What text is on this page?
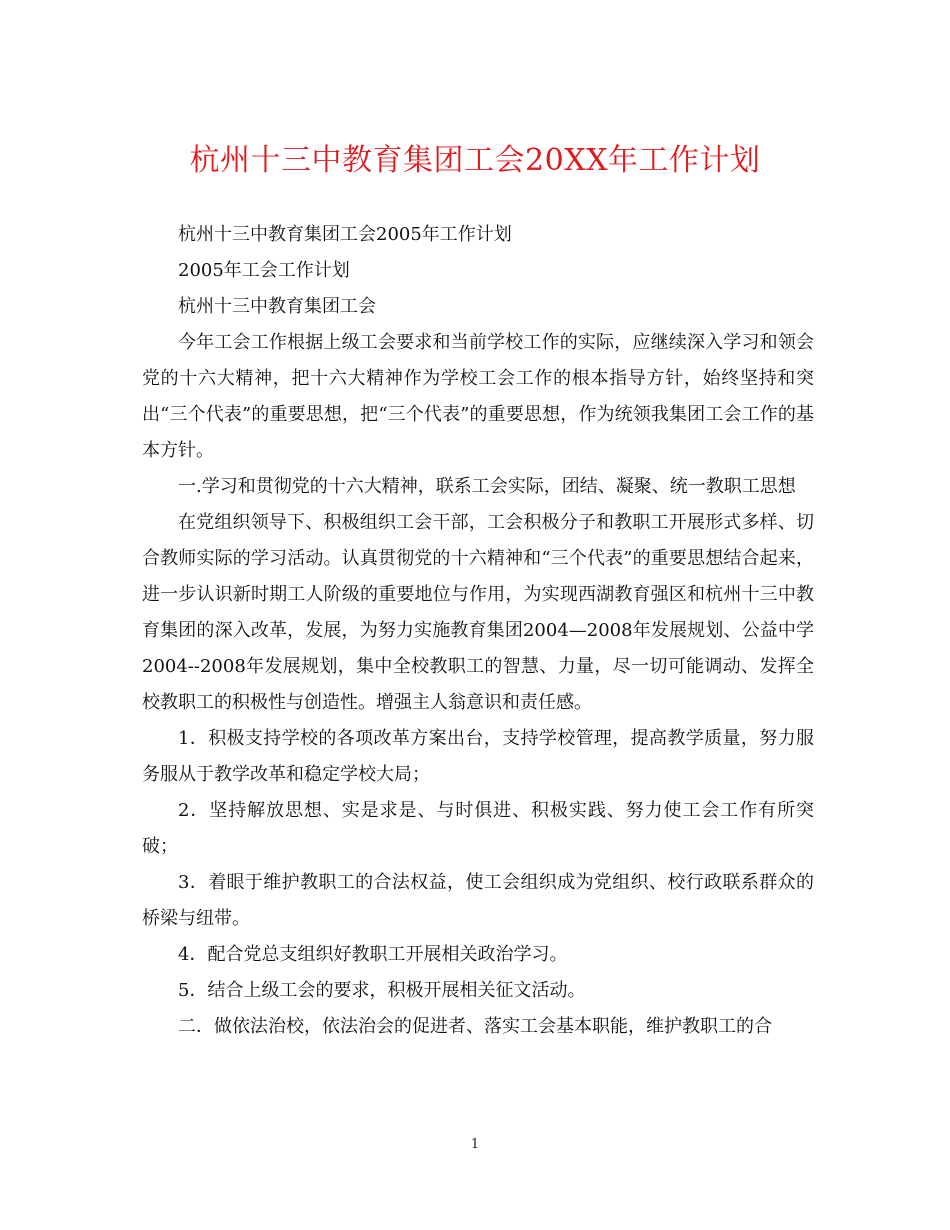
杭州十三中教育集团工会20XX年工作计划

杭州十三中教育集团工会2005年工作计划

2005年工会工作计划

杭州十三中教育集团工会

今年工会工作根据上级工会要求和当前学校工作的实际，应继续深入学习和领会党的十六大精神，把十六大精神作为学校工会工作的根本指导方针，始终坚持和突出“三个代表”的重要思想，把“三个代表”的重要思想，作为统领我集团工会工作的基本方针。

一.学习和贯彻党的十六大精神，联系工会实际，团结、凝聚、统一教职工思想

在党组织领导下、积极组织工会干部，工会积极分子和教职工开展形式多样、切合教师实际的学习活动。认真贯彻党的十六精神和“三个代表”的重要思想结合起来，进一步认识新时期工人阶级的重要地位与作用，为实现西湖教育强区和杭州十三中教育集团的深入改革，发展，为努力实施教育集团2004—2008年发展规划、公益中学2004--2008年发展规划，集中全校教职工的智慧、力量，尽一切可能调动、发挥全校教职工的积极性与创造性。增强主人翁意识和责任感。

1．积极支持学校的各项改革方案出台，支持学校管理，提高教学质量，努力服务服从于教学改革和稳定学校大局；

2．坚持解放思想、实是求是、与时俱进、积极实践、努力使工会工作有所突破；

3．着眼于维护教职工的合法权益，使工会组织成为党组织、校行政联系群众的桥梁与纽带。

4．配合党总支组织好教职工开展相关政治学习。

5．结合上级工会的要求，积极开展相关征文活动。

二．做依法治校，依法治会的促进者、落实工会基本职能，维护教职工的合

1
